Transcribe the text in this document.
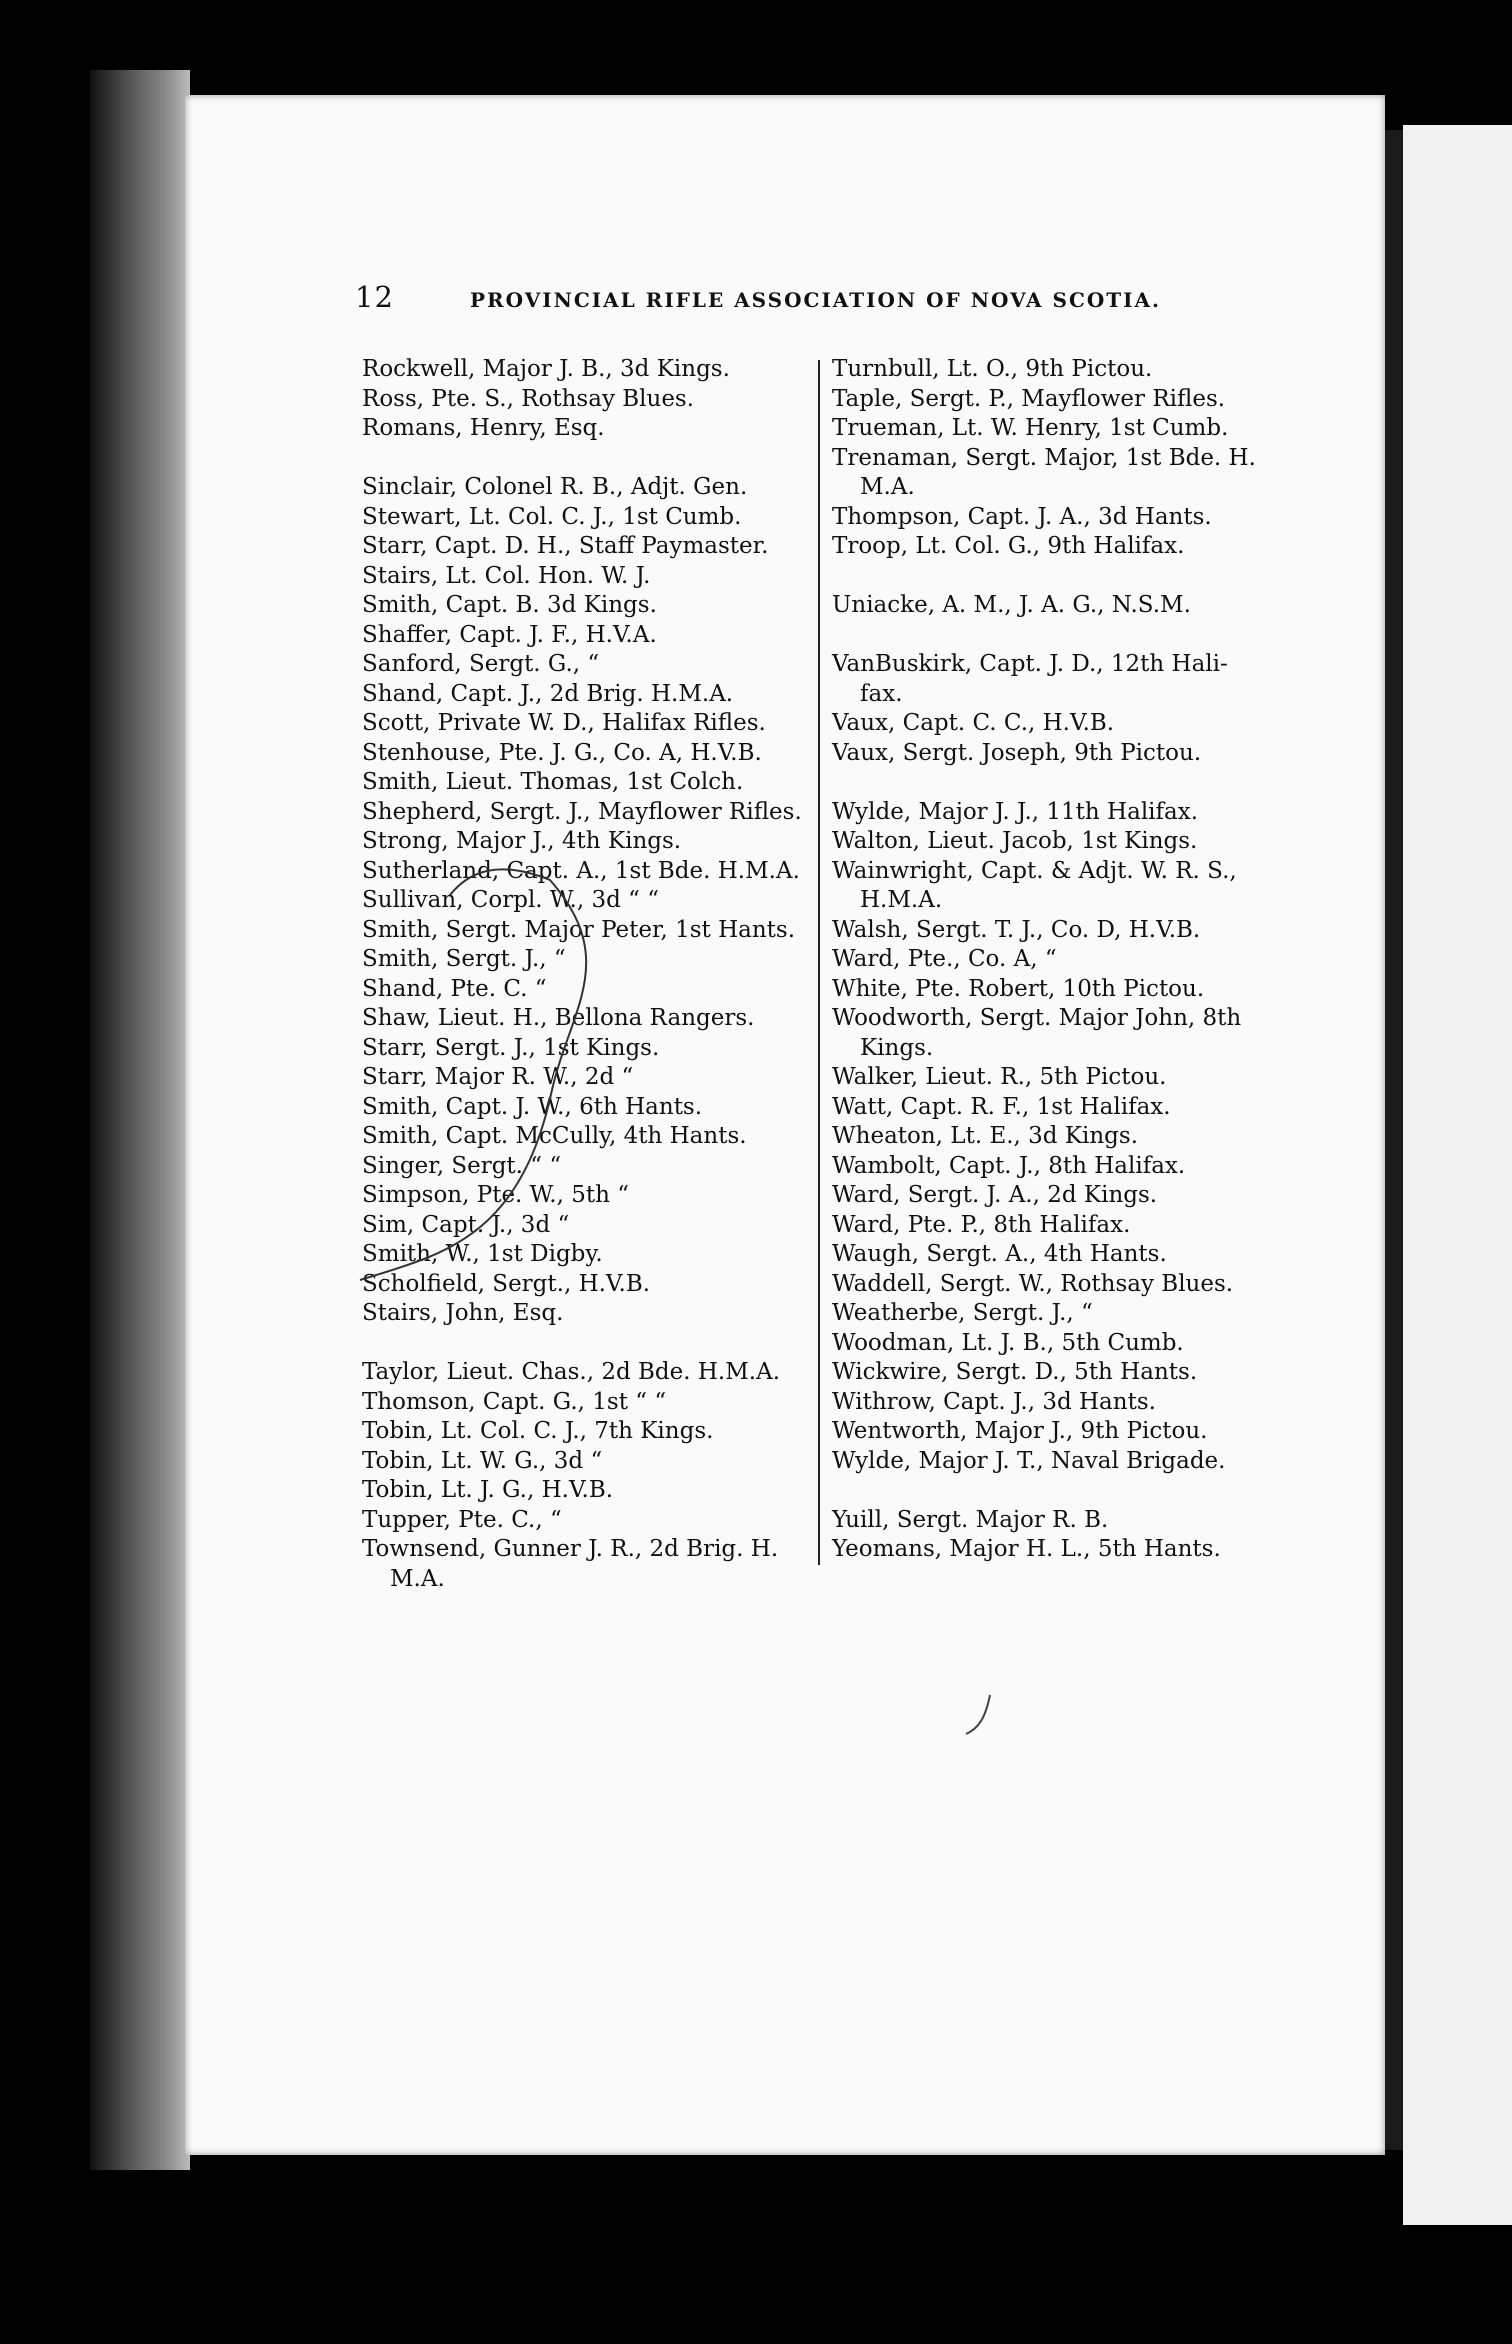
12	PROVINCIAL RIFLE ASSOCIATION OF NOVA SCOTIA.
Rockwell, Major J. B., 3d Kings.
Ross, Pte. S., Rothsay Blues.
Romans, Henry, Esq.
Sinclair, Colonel R. B., Adjt. Gen.
Stewart, Lt. Col. C. J., 1st Cumb.
Starr, Capt. D. H., Staff Paymaster.
Stairs, Lt. Col. Hon. W. J.
Smith, Capt. B. 3d Kings.
Shaffer, Capt. J. F., H.V.A.
Sanford, Sergt. G., “
Shand, Capt. J., 2d Brig. H.M.A.
Scott, Private W. D., Halifax Rifles.
Stenhouse, Pte. J. G., Co. A, H.V.B.
Smith, Lieut. Thomas, 1st Colch.
Shepherd, Sergt. J., Mayflower Rifles.
Strong, Major J., 4th Kings.
Sutherland, Capt. A., 1st Bde. H.M.A.
Sullivan, Corpl. W., 3d “ “
Smith, Sergt. Major Peter, 1st Hants.
Smith, Sergt. J., “
Shand, Pte. C. “
Shaw, Lieut. H., Bellona Rangers.
Starr, Sergt. J., 1st Kings.
Starr, Major R. W., 2d “
Smith, Capt. J. W., 6th Hants.
Smith, Capt. McCully, 4th Hants.
Singer, Sergt. “ “
Simpson, Pte. W., 5th “
Sim, Capt. J., 3d “
Smith, W., 1st Digby.
Scholfield, Sergt., H.V.B.
Stairs, John, Esq.
Taylor, Lieut. Chas., 2d Bde. H.M.A.
Thomson, Capt. G., 1st “ “
Tobin, Lt. Col. C. J., 7th Kings.
Tobin, Lt. W. G., 3d “
Tobin, Lt. J. G., H.V.B.
Tupper, Pte. C., “
Townsend, Gunner J. R., 2d Brig. H.
M.A.
Turnbull, Lt. O., 9th Pictou.
Taple, Sergt. P., Mayflower Rifles.
Trueman, Lt. W. Henry, 1st Cumb.
Trenaman, Sergt. Major, 1st Bde. H.
M.A.
Thompson, Capt. J. A., 3d Hants.
Troop, Lt. Col. G., 9th Halifax.
Uniacke, A. M., J. A. G., N.S.M.
VanBuskirk, Capt. J. D., 12th Hali-
fax.
Vaux, Capt. C. C., H.V.B.
Vaux, Sergt. Joseph, 9th Pictou.
Wylde, Major J. J., 11th Halifax.
Walton, Lieut. Jacob, 1st Kings.
Wainwright, Capt. & Adjt. W. R. S.,
H.M.A.
Walsh, Sergt. T. J., Co. D, H.V.B.
Ward, Pte., Co. A, “
White, Pte. Robert, 10th Pictou.
Woodworth, Sergt. Major John, 8th
Kings.
Walker, Lieut. R., 5th Pictou.
Watt, Capt. R. F., 1st Halifax.
Wheaton, Lt. E., 3d Kings.
Wambolt, Capt. J., 8th Halifax.
Ward, Sergt. J. A., 2d Kings.
Ward, Pte. P., 8th Halifax.
Waugh, Sergt. A., 4th Hants.
Waddell, Sergt. W., Rothsay Blues.
Weatherbe, Sergt. J., “
Woodman, Lt. J. B., 5th Cumb.
Wickwire, Sergt. D., 5th Hants.
Withrow, Capt. J., 3d Hants.
Wentworth, Major J., 9th Pictou.
Wylde, Major J. T., Naval Brigade.
Yuill, Sergt. Major R. B.
Yeomans, Major H. L., 5th Hants.
